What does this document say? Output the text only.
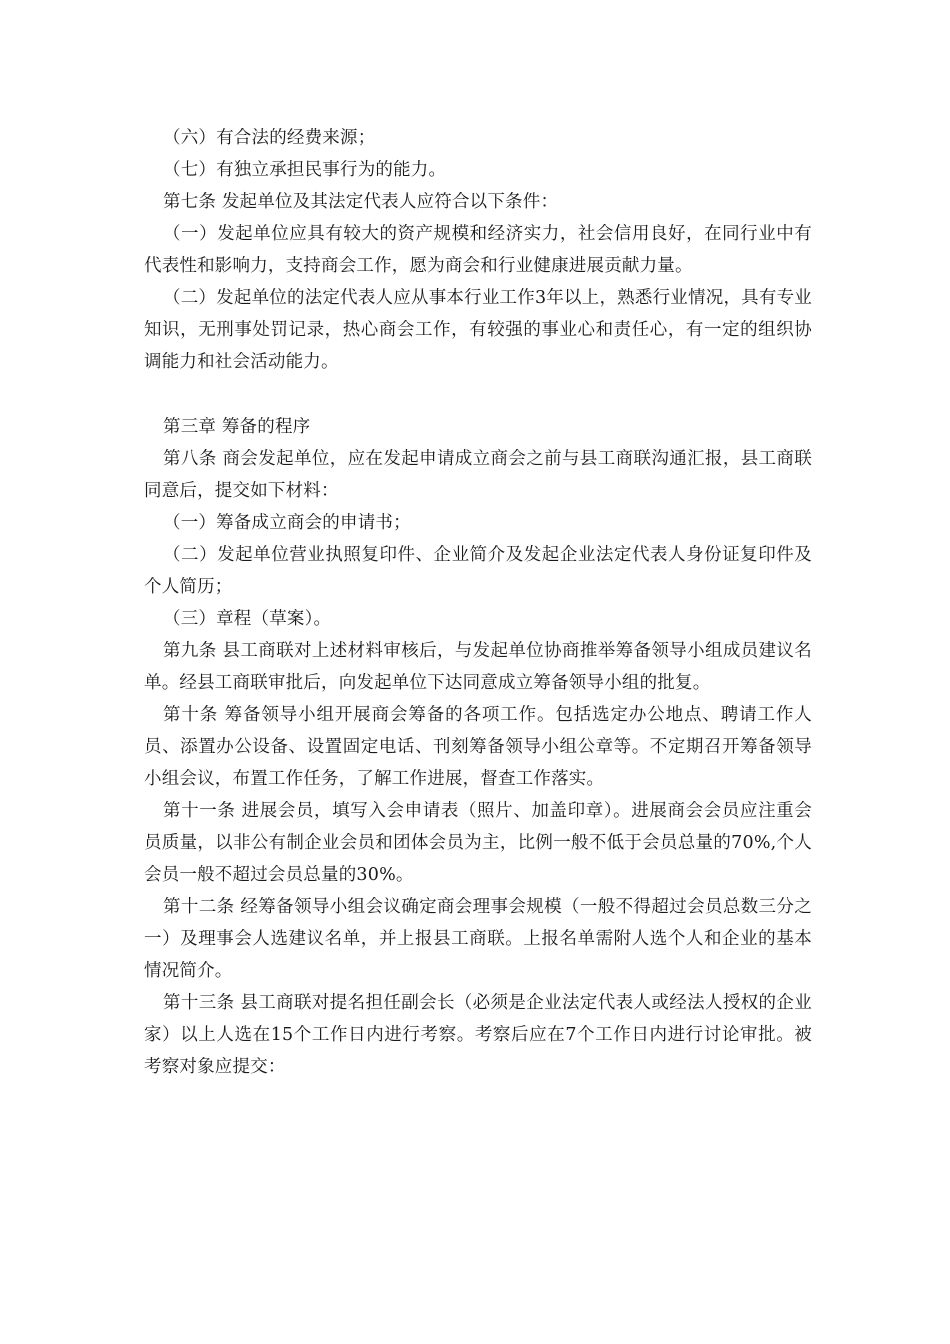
（六）有合法的经费来源；

（七）有独立承担民事行为的能力。

第七条 发起单位及其法定代表人应符合以下条件：

（一）发起单位应具有较大的资产规模和经济实力，社会信用良好，在同行业中有代表性和影响力，支持商会工作，愿为商会和行业健康进展贡献力量。

（二）发起单位的法定代表人应从事本行业工作3年以上，熟悉行业情况，具有专业知识，无刑事处罚记录，热心商会工作，有较强的事业心和责任心，有一定的组织协调能力和社会活动能力。

第三章 筹备的程序

第八条 商会发起单位，应在发起申请成立商会之前与县工商联沟通汇报，县工商联同意后，提交如下材料：

（一）筹备成立商会的申请书；

（二）发起单位营业执照复印件、企业简介及发起企业法定代表人身份证复印件及个人简历；

（三）章程（草案）。

第九条 县工商联对上述材料审核后，与发起单位协商推举筹备领导小组成员建议名单。经县工商联审批后，向发起单位下达同意成立筹备领导小组的批复。

第十条 筹备领导小组开展商会筹备的各项工作。包括选定办公地点、聘请工作人员、添置办公设备、设置固定电话、刊刻筹备领导小组公章等。不定期召开筹备领导小组会议，布置工作任务，了解工作进展，督查工作落实。

第十一条 进展会员，填写入会申请表（照片、加盖印章）。进展商会会员应注重会员质量，以非公有制企业会员和团体会员为主，比例一般不低于会员总量的70%,个人会员一般不超过会员总量的30%。

第十二条 经筹备领导小组会议确定商会理事会规模（一般不得超过会员总数三分之一）及理事会人选建议名单，并上报县工商联。上报名单需附人选个人和企业的基本情况简介。

第十三条 县工商联对提名担任副会长（必须是企业法定代表人或经法人授权的企业家）以上人选在15个工作日内进行考察。考察后应在7个工作日内进行讨论审批。被考察对象应提交：
